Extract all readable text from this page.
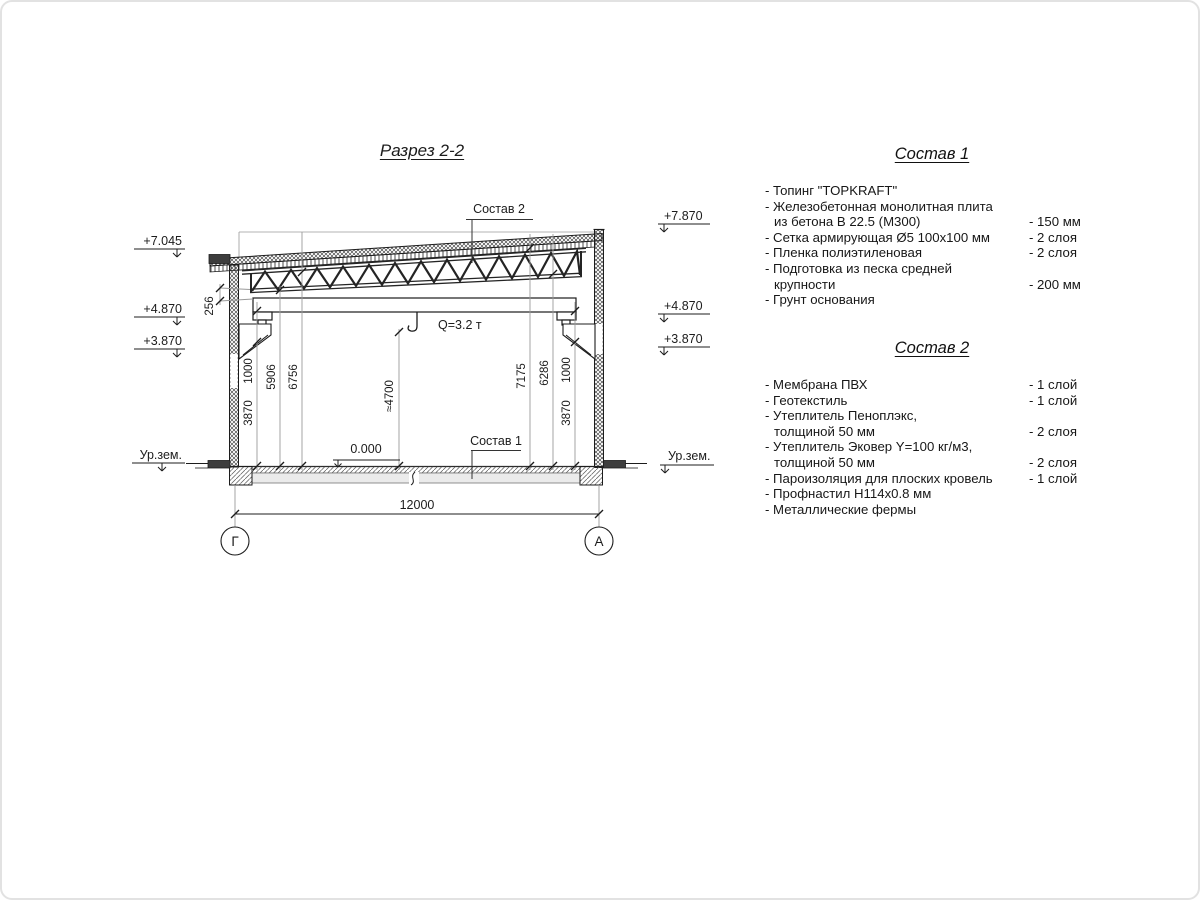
Разрез 2-2
Q=3.2 т
1000
3870
5906 6756
≈4700
7175 6286 1000
3870
256
12000
Г	А
+7.045
+4.870
+3.870
Ур.зем.
+7.870
+4.870
+3.870
Ур.зем.
0.000
Состав 2
Состав 1
Состав 1
- Топинг "TOPKRAFT"
- Железобетонная монолитная плита
из бетона В 22.5 (М300)	- 150 мм
- Сетка армирующая Ø5 100х100 мм	- 2 слоя
- Пленка полиэтиленовая	- 2 слоя
- Подготовка из песка средней
крупности	- 200 мм
- Грунт основания
Состав 2
- Мембрана ПВХ	- 1 слой
- Геотекстиль	- 1 слой
- Утеплитель Пеноплэкс,
толщиной 50 мм	- 2 слоя
- Утеплитель Эковер Y=100 кг/м3,
толщиной 50 мм	- 2 слоя
- Пароизоляция для плоских кровель	- 1 слой
- Профнастил Н114х0.8 мм
- Металлические фермы
